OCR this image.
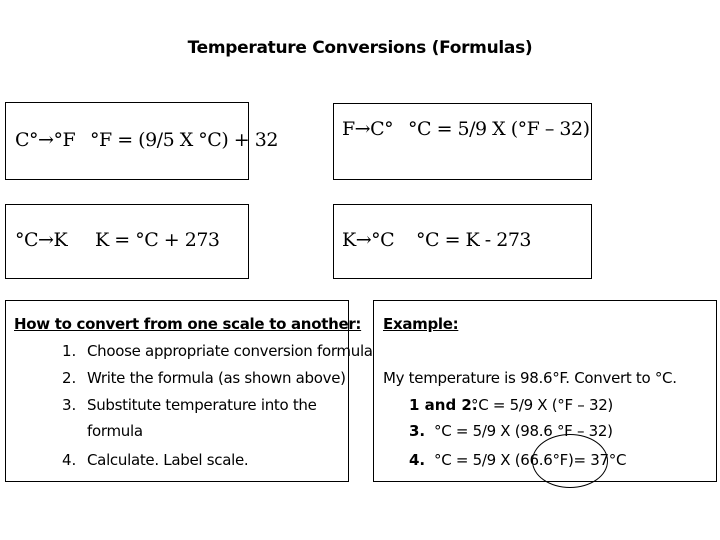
Temperature Conversions (Formulas)
C°→°F °F = (9/5 X °C) + 32	F→C° °C = 5/9 X (°F – 32)
°C→K K = °C + 273	K→°C °C = K - 273
How to convert from one scale to another:
1. Choose appropriate conversion formula
2. Write the formula (as shown above)
3. Substitute temperature into the
formula
4. Calculate. Label scale.
Example:
My temperature is 98.6°F. Convert to °C.
1 and 2.
°C = 5/9 X (°F – 32)
3. °C = 5/9 X (98.6 °F – 32)
4. °C = 5/9 X (66.6°F)= 37°C
